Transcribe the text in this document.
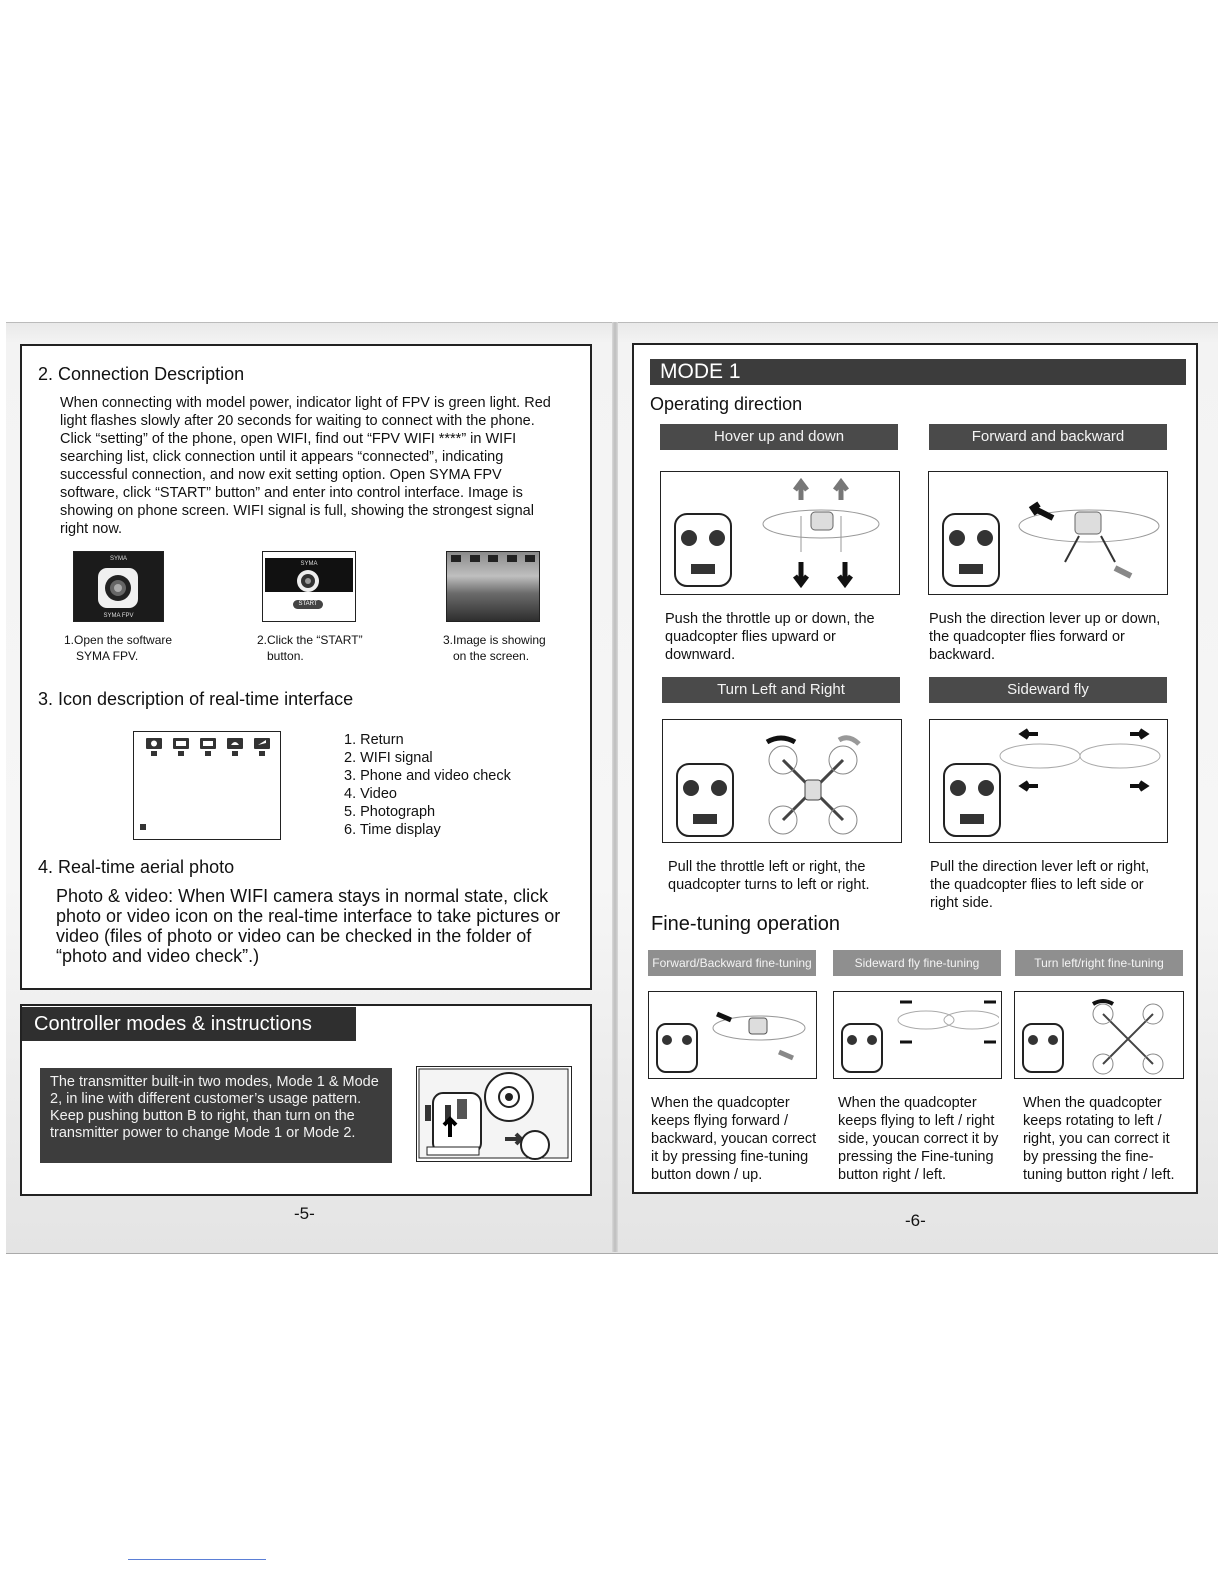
2. Connection Description
When connecting with model power, indicator light of FPV is green light. Red light flashes slowly after 20 seconds for waiting to connect with the phone. Click “setting” of the phone, open WIFI, find out “FPV WIFI ****” in WIFI searching list, click connection until it appears “connected”, indicating successful connection, and now exit setting option. Open SYMA FPV software, click “START” button” and enter into control interface. Image is showing on phone screen. WIFI signal is full, showing the strongest signal right now.
SYMA
SYMA FPV
SYMA
START
1.Open the software
SYMA FPV.
2.Click the “START”
button.
3.Image is showing
on the screen.
3. Icon description of real-time interface
1. Return
2. WIFI signal
3. Phone and video check
4. Video
5. Photograph
6. Time display
4. Real-time aerial photo
Photo & video: When WIFI camera stays in normal state, click photo or video icon on the real-time interface to take pictures or video (files of photo or video can be checked in the folder of “photo and video check”.)
Controller modes & instructions
The transmitter built-in two modes, Mode 1 & Mode 2, in line with different customer’s usage pattern. Keep pushing button B to right, than turn on the transmitter power to change Mode 1 or Mode 2.
-5-
MODE 1
Operating direction
Hover up and down
Push the throttle up or down, the quadcopter flies upward or downward.
Forward and backward
Push the direction lever up or down, the quadcopter flies forward or backward.
Turn Left and Right
Pull the throttle left or right, the quadcopter turns to left or right.
Sideward fly
Pull the direction lever left or right, the quadcopter flies to left side or right side.
Fine-tuning operation
Forward/Backward fine-tuning	Sideward fly fine-tuning	Turn left/right fine-tuning
When the quadcopter keeps flying forward / backward, youcan correct it by pressing fine-tuning button down / up.
When the quadcopter keeps flying to left / right side, youcan correct it by pressing the Fine-tuning button right / left.
When the quadcopter keeps rotating to left / right, you can correct it by pressing the fine-tuning button right / left.
-6-
